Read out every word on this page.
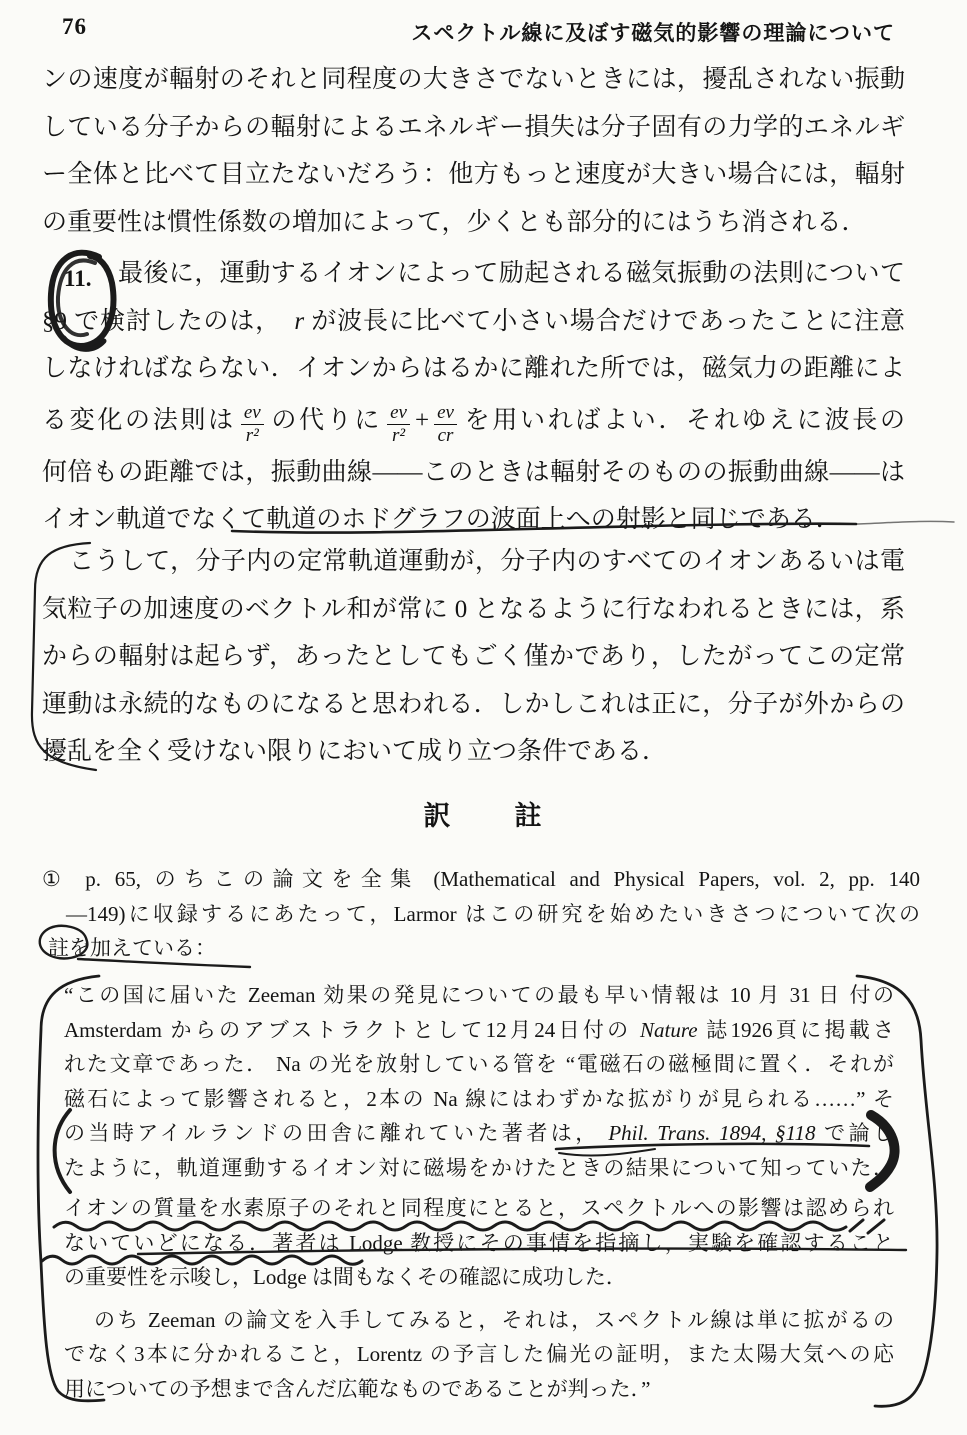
76	スペクトル線に及ぼす磁気的影響の理論について
ンの速度が輻射のそれと同程度の大きさでないときには，擾乱されない振動
している分子からの輻射によるエネルギー損失は分子固有の力学的エネルギ
ー全体と比べて目立たないだろう：他方もっと速度が大きい場合には，輻射
の重要性は慣性係数の増加によって，少くとも部分的にはうち消される．
11.	最後に，運動するイオンによって励起される磁気振動の法則について
§9 で検討したのは，　r が波長に比べて小さい場合だけであったことに注意
しなければならない．イオンからはるかに離れた所では，磁気力の距離によ
る変化の法則は $\frac{ev}{\text{r²}}$ の代りに $\frac{ev}{\text{r²}} + \frac{ev}{cr}$ を用いればよい．それゆえに波長の
何倍もの距離では，振動曲線――このときは輻射そのものの振動曲線――は
イオン軌道でなくて軌道のホドグラフの波面上への射影と同じである．
こうして，分子内の定常軌道運動が，分子内のすべてのイオンあるいは電
気粒子の加速度のベクトル和が常に 0 となるように行なわれるときには，系
からの輻射は起らず，あったとしてもごく僅かであり，したがってこの定常
運動は永続的なものになると思われる．しかしこれは正に，分子が外からの
擾乱を全く受けない限りにおいて成り立つ条件である．
訳 註
① p. 65, のちこの論文を全集 (Mathematical and Physical Papers, vol. 2, pp. 140
―149)に収録するにあたって，Larmor はこの研究を始めたいきさつについて次の
註を加えている：
“この国に届いた Zeeman 効果の発見についての最も早い情報は 10 月 31 日 付の
Amsterdam からのアブストラクトとして12月24日付の Nature 誌1926頁に掲載さ
れた文章であった． Na の光を放射している管を “電磁石の磁極間に置く．それが
磁石によって影響されると，2本の Na 線にはわずかな拡がりが見られる……” そ
の当時アイルランドの田舎に離れていた著者は， Phil. Trans. 1894, §118 で論じ
たように，軌道運動するイオン対に磁場をかけたときの結果について知っていた．
イオンの質量を水素原子のそれと同程度にとると，スペクトルへの影響は認められ
ないていどになる．著者は Lodge 教授にその事情を指摘し，実験を確認すること
の重要性を示唆し，Lodge は間もなくその確認に成功した．
のち Zeeman の論文を入手してみると，それは，スペクトル線は単に拡がるの
でなく3本に分かれること，Lorentz の予言した偏光の証明，また太陽大気への応
用についての予想まで含んだ広範なものであることが判った．”
